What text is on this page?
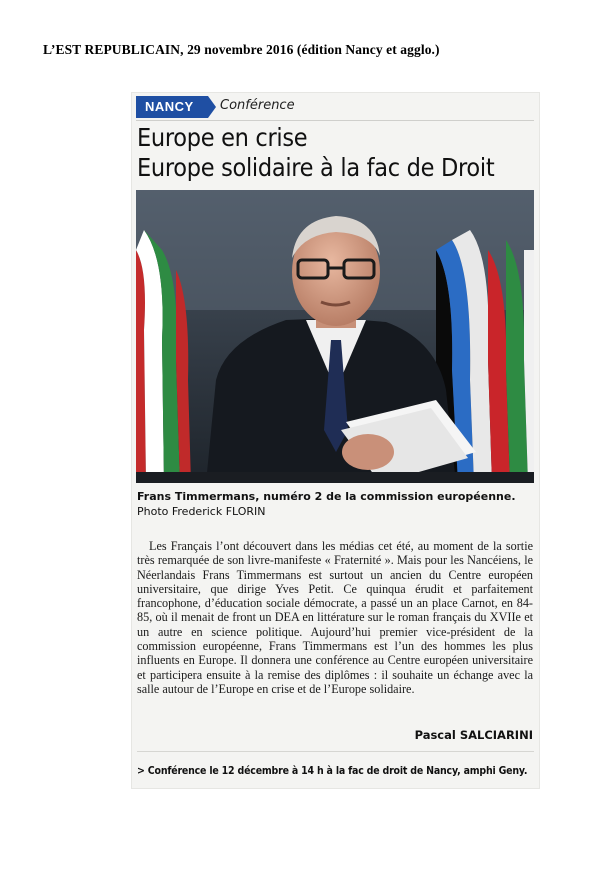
L’EST REPUBLICAIN, 29 novembre 2016 (édition Nancy et agglo.)
NANCY	Conférence
Europe en crise
Europe solidaire à la fac de Droit
Frans Timmermans, numéro 2 de la commission européenne. Photo Frederick FLORIN

Les Français l’ont découvert dans les médias cet été, au moment de la sortie très remarquée de son livre-manifeste « Fraternité ». Mais pour les Nancéiens, le Néerlandais Frans Timmermans est surtout un ancien du Centre européen universitaire, que dirige Yves Petit. Ce quinqua érudit et parfaitement francophone, d’éducation sociale démocrate, a passé un an place Carnot, en 84-85, où il menait de front un DEA en littérature sur le roman français du XVIIe et un autre en science politique. Aujourd’hui premier vice-président de la commission européenne, Frans Timmermans est l’un des hommes les plus influents en Europe. Il donnera une conférence au Centre européen universitaire et participera ensuite à la remise des diplômes : il souhaite un échange avec la salle autour de l’Europe en crise et de l’Europe solidaire.

Pascal SALCIARINI
> Conférence le 12 décembre à 14 h à la fac de droit de Nancy, amphi Geny.
